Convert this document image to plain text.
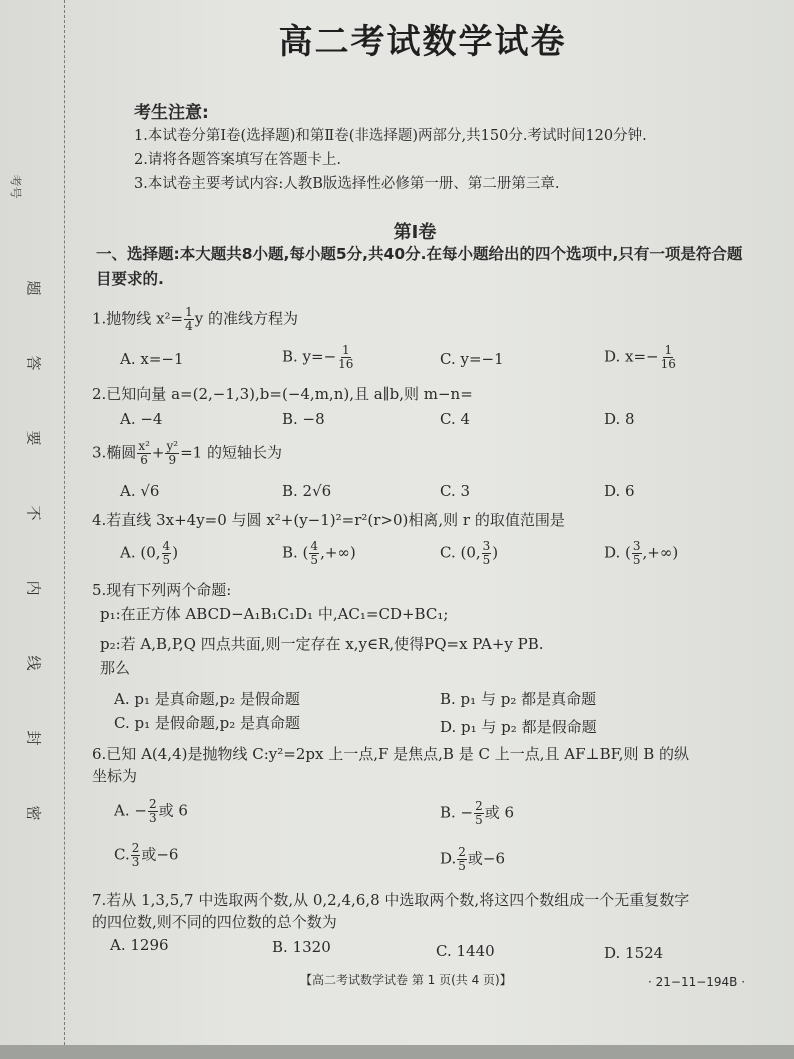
考号
题
答
要
不
内
线
封
密
高二考试数学试卷
考生注意:
1.本试卷分第Ⅰ卷(选择题)和第Ⅱ卷(非选择题)两部分,共150分.考试时间120分钟.
2.请将各题答案填写在答题卡上.
3.本试卷主要考试内容:人教B版选择性必修第一册、第二册第三章.
第Ⅰ卷
一、选择题:本大题共8小题,每小题5分,共40分.在每小题给出的四个选项中,只有一项是符合题目要求的.
1.抛物线 $x^2= \frac{1}{4}$ y 的准线方程为
A. x=−1	B. $y=- \frac{1}{16}$	C. y=−1	D. $x=- \frac{1}{16}$
2.已知向量 a=(2,−1,3),b=(−4,m,n),且 a∥b,则 m−n=
A. −4	B. −8	C. 4	D. 8
3.椭圆 $\frac{\text{x²}}{6} + \frac{\text{y²}}{9} =1$ 的短轴长为
A. √6	B. 2√6	C. 3	D. 6
4.若直线 3x+4y=0 与圆 x²+(y−1)²=r²(r>0)相离,则 r 的取值范围是
A. (0, $\frac{4}{5}$ )	B. ( $\frac{4}{5}$ ,+∞)	C. (0, $\frac{3}{5}$ )	D. ( $\frac{3}{5}$ ,+∞)
5.现有下列两个命题:
p₁:在正方体 ABCD−A₁B₁C₁D₁ 中,AC₁=CD+BC₁;
p₂:若 A,B,P,Q 四点共面,则一定存在 x,y∈R,使得PQ=x PA+y PB.
那么
A. p₁ 是真命题,p₂ 是假命题	B. p₁ 与 p₂ 都是真命题
C. p₁ 是假命题,p₂ 是真命题	D. p₁ 与 p₂ 都是假命题
6.已知 A(4,4)是抛物线 C:y²=2px 上一点,F 是焦点,B 是 C 上一点,且 AF⊥BF,则 B 的纵
坐标为
A. − $\frac{2}{3}$ 或 6	B. − $\frac{2}{5}$ 或 6
C. $\frac{2}{3}$ 或−6	D. $\frac{2}{5}$ 或−6
7.若从 1,3,5,7 中选取两个数,从 0,2,4,6,8 中选取两个数,将这四个数组成一个无重复数字
的四位数,则不同的四位数的总个数为
A. 1296	B. 1320	C. 1440	D. 1524
【高二考试数学试卷 第 1 页(共 4 页)】	· 21−11−194B ·
